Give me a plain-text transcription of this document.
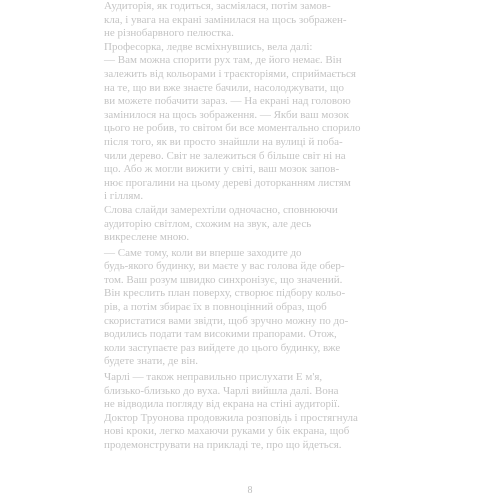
Аудиторія, як годиться, засміялася, потім замов-
кла, і увага на екрані замінилася на щось зображен-
не різнобарвного пелюстка.
Професорка, ледве всміхнувшись, вела далі:
— Вам можна спорити рух там, де його немає. Він
залежить від кольорами і траєкторіями, сприймається
на те, що ви вже знаєте бачили, насолоджувати, що
ви можете побачити зараз. — На екрані над головою
замінилося на щось зображення. — Якби ваш мозок
цього не робив, то світом би все моментально спорило
після того, як ви просто знайшли на вулиці й поба-
чили дерево. Світ не залежиться б більше світ ні на
що. Або ж могли вижити у світі, ваш мозок запов-
нює прогалини на цьому дереві доторканням листям
і гіллям.
Слова слайди замерехтіли одночасно, сповнюючи
аудиторію світлом, схожим на звук, але десь
викреслене мною.
— Саме тому, коли ви вперше заходите до
будь-якого будинку, ви маєте у вас голова йде обер-
том. Ваш розум швидко синхронізує, що значений.
Він креслить план поверху, створює підбору кольо-
рів, а потім збирає їх в повноцінний образ, щоб
скористатися вами звідти, щоб зручно можну по до-
водились подати там високими прапорами. Отож,
коли заступаєте раз вийдете до цього будинку, вже
будете знати, де він.
Чарлі — також неправильно прислухати Е м'я,
близько-близько до вуха. Чарлі вийшла далі. Вона
не відводила погляду від екрана на стіні аудиторії.
Доктор Труонова продовжила розповідь і простягнула
нові кроки, легко махаючи руками у бік екрана, щоб
продемонструвати на прикладі те, про що йдеться.
8
